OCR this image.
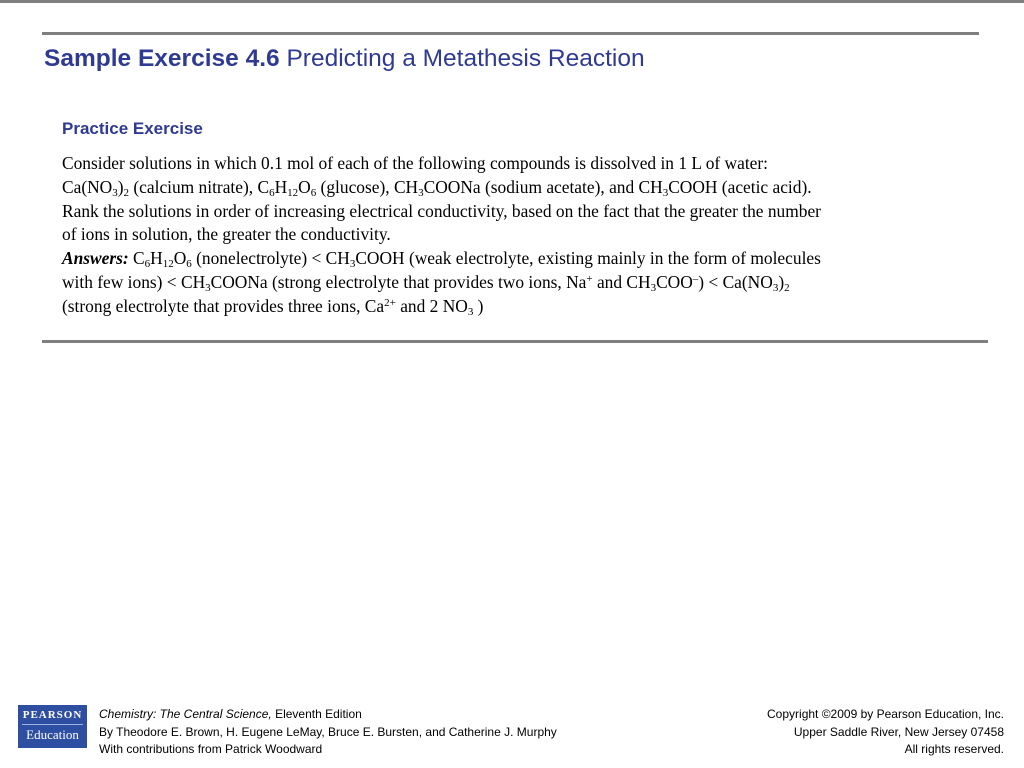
Sample Exercise 4.6 Predicting a Metathesis Reaction
Practice Exercise

Consider solutions in which 0.1 mol of each of the following compounds is dissolved in 1 L of water:

$Ca(NO_3)_2$ (calcium nitrate), $C_6H_{12}O_6$ (glucose), $CH_3COONa$ (sodium acetate), and $CH_3COOH$ (acetic acid).

Rank the solutions in order of increasing electrical conductivity, based on the fact that the greater the number

of ions in solution, the greater the conductivity.

Answers: $C_6H_{12}O_6$ (nonelectrolyte) < $CH_3COOH$ (weak electrolyte, existing mainly in the form of molecules

with few ions) < $CH_3COONa$ (strong electrolyte that provides two ions, Na+ and $CH_3COO^-) < Ca(NO_3)_2$

(strong electrolyte that provides three ions, $Ca^{2+}$ and 2 $NO_3$ )

PEARSON
Education
Chemistry: The Central Science, Eleventh Edition
By Theodore E. Brown, H. Eugene LeMay, Bruce E. Bursten, and Catherine J. Murphy
With contributions from Patrick Woodward
Copyright ©2009 by Pearson Education, Inc.
Upper Saddle River, New Jersey 07458
All rights reserved.
